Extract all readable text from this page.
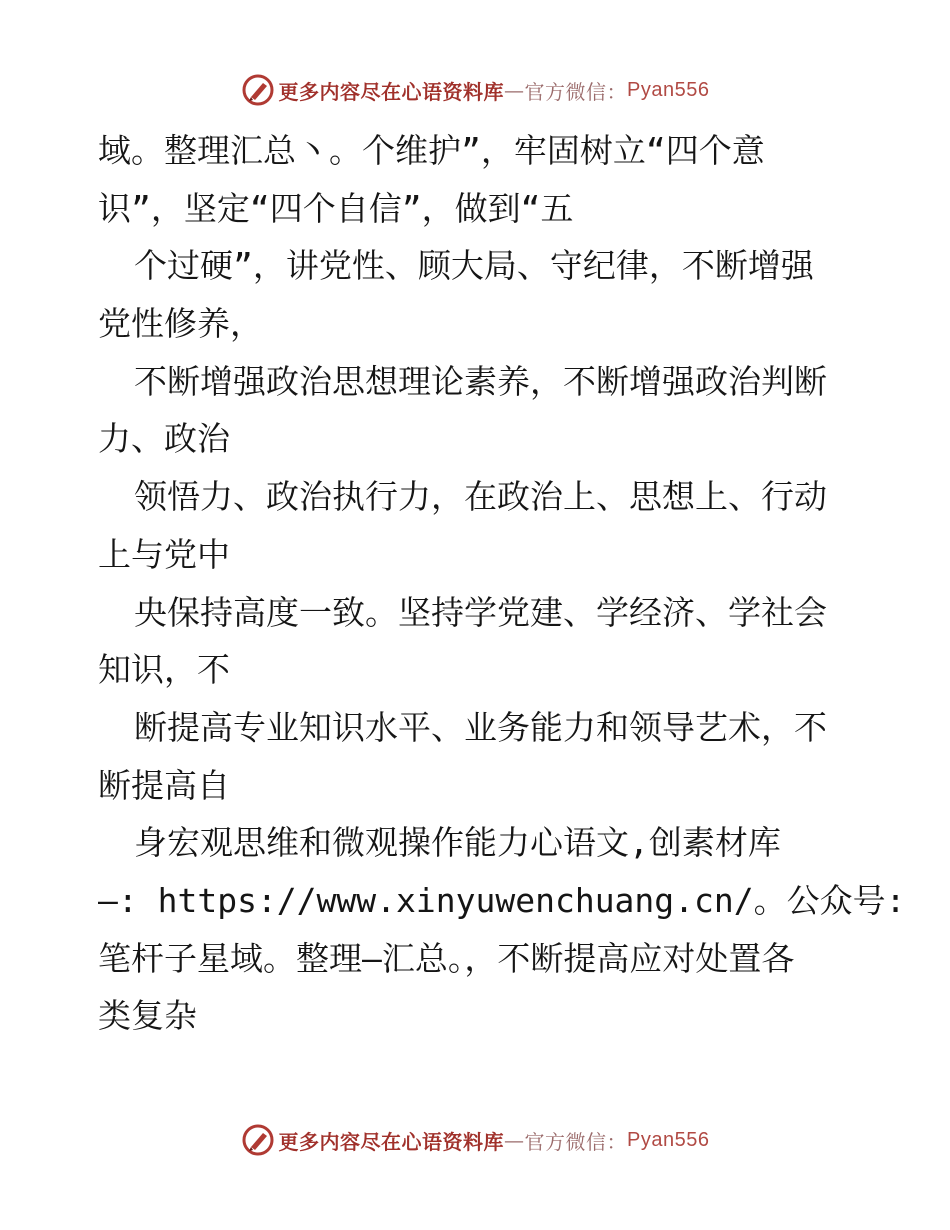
更多内容尽在心语资料库 — 官方微信： Pyan556
域。整理汇总丶。个维护”，牢固树立“四个意
识”，坚定“四个自信”，做到“五
个过硬”，讲党性、顾大局、守纪律，不断增强
党性修养，
不断增强政治思想理论素养，不断增强政治判断
力、政治
领悟力、政治执行力，在政治上、思想上、行动
上与党中
央保持高度一致。坚持学党建、学经济、学社会
知识，不
断提高专业知识水平、业务能力和领导艺术，不
断提高自
身宏观思维和微观操作能力心语文,创素材库
—: https://www.xinyuwenchuang.cn/。公众号:
笔杆子星域。整理—汇总。，不断提高应对处置各
类复杂
更多内容尽在心语资料库 — 官方微信： Pyan556
